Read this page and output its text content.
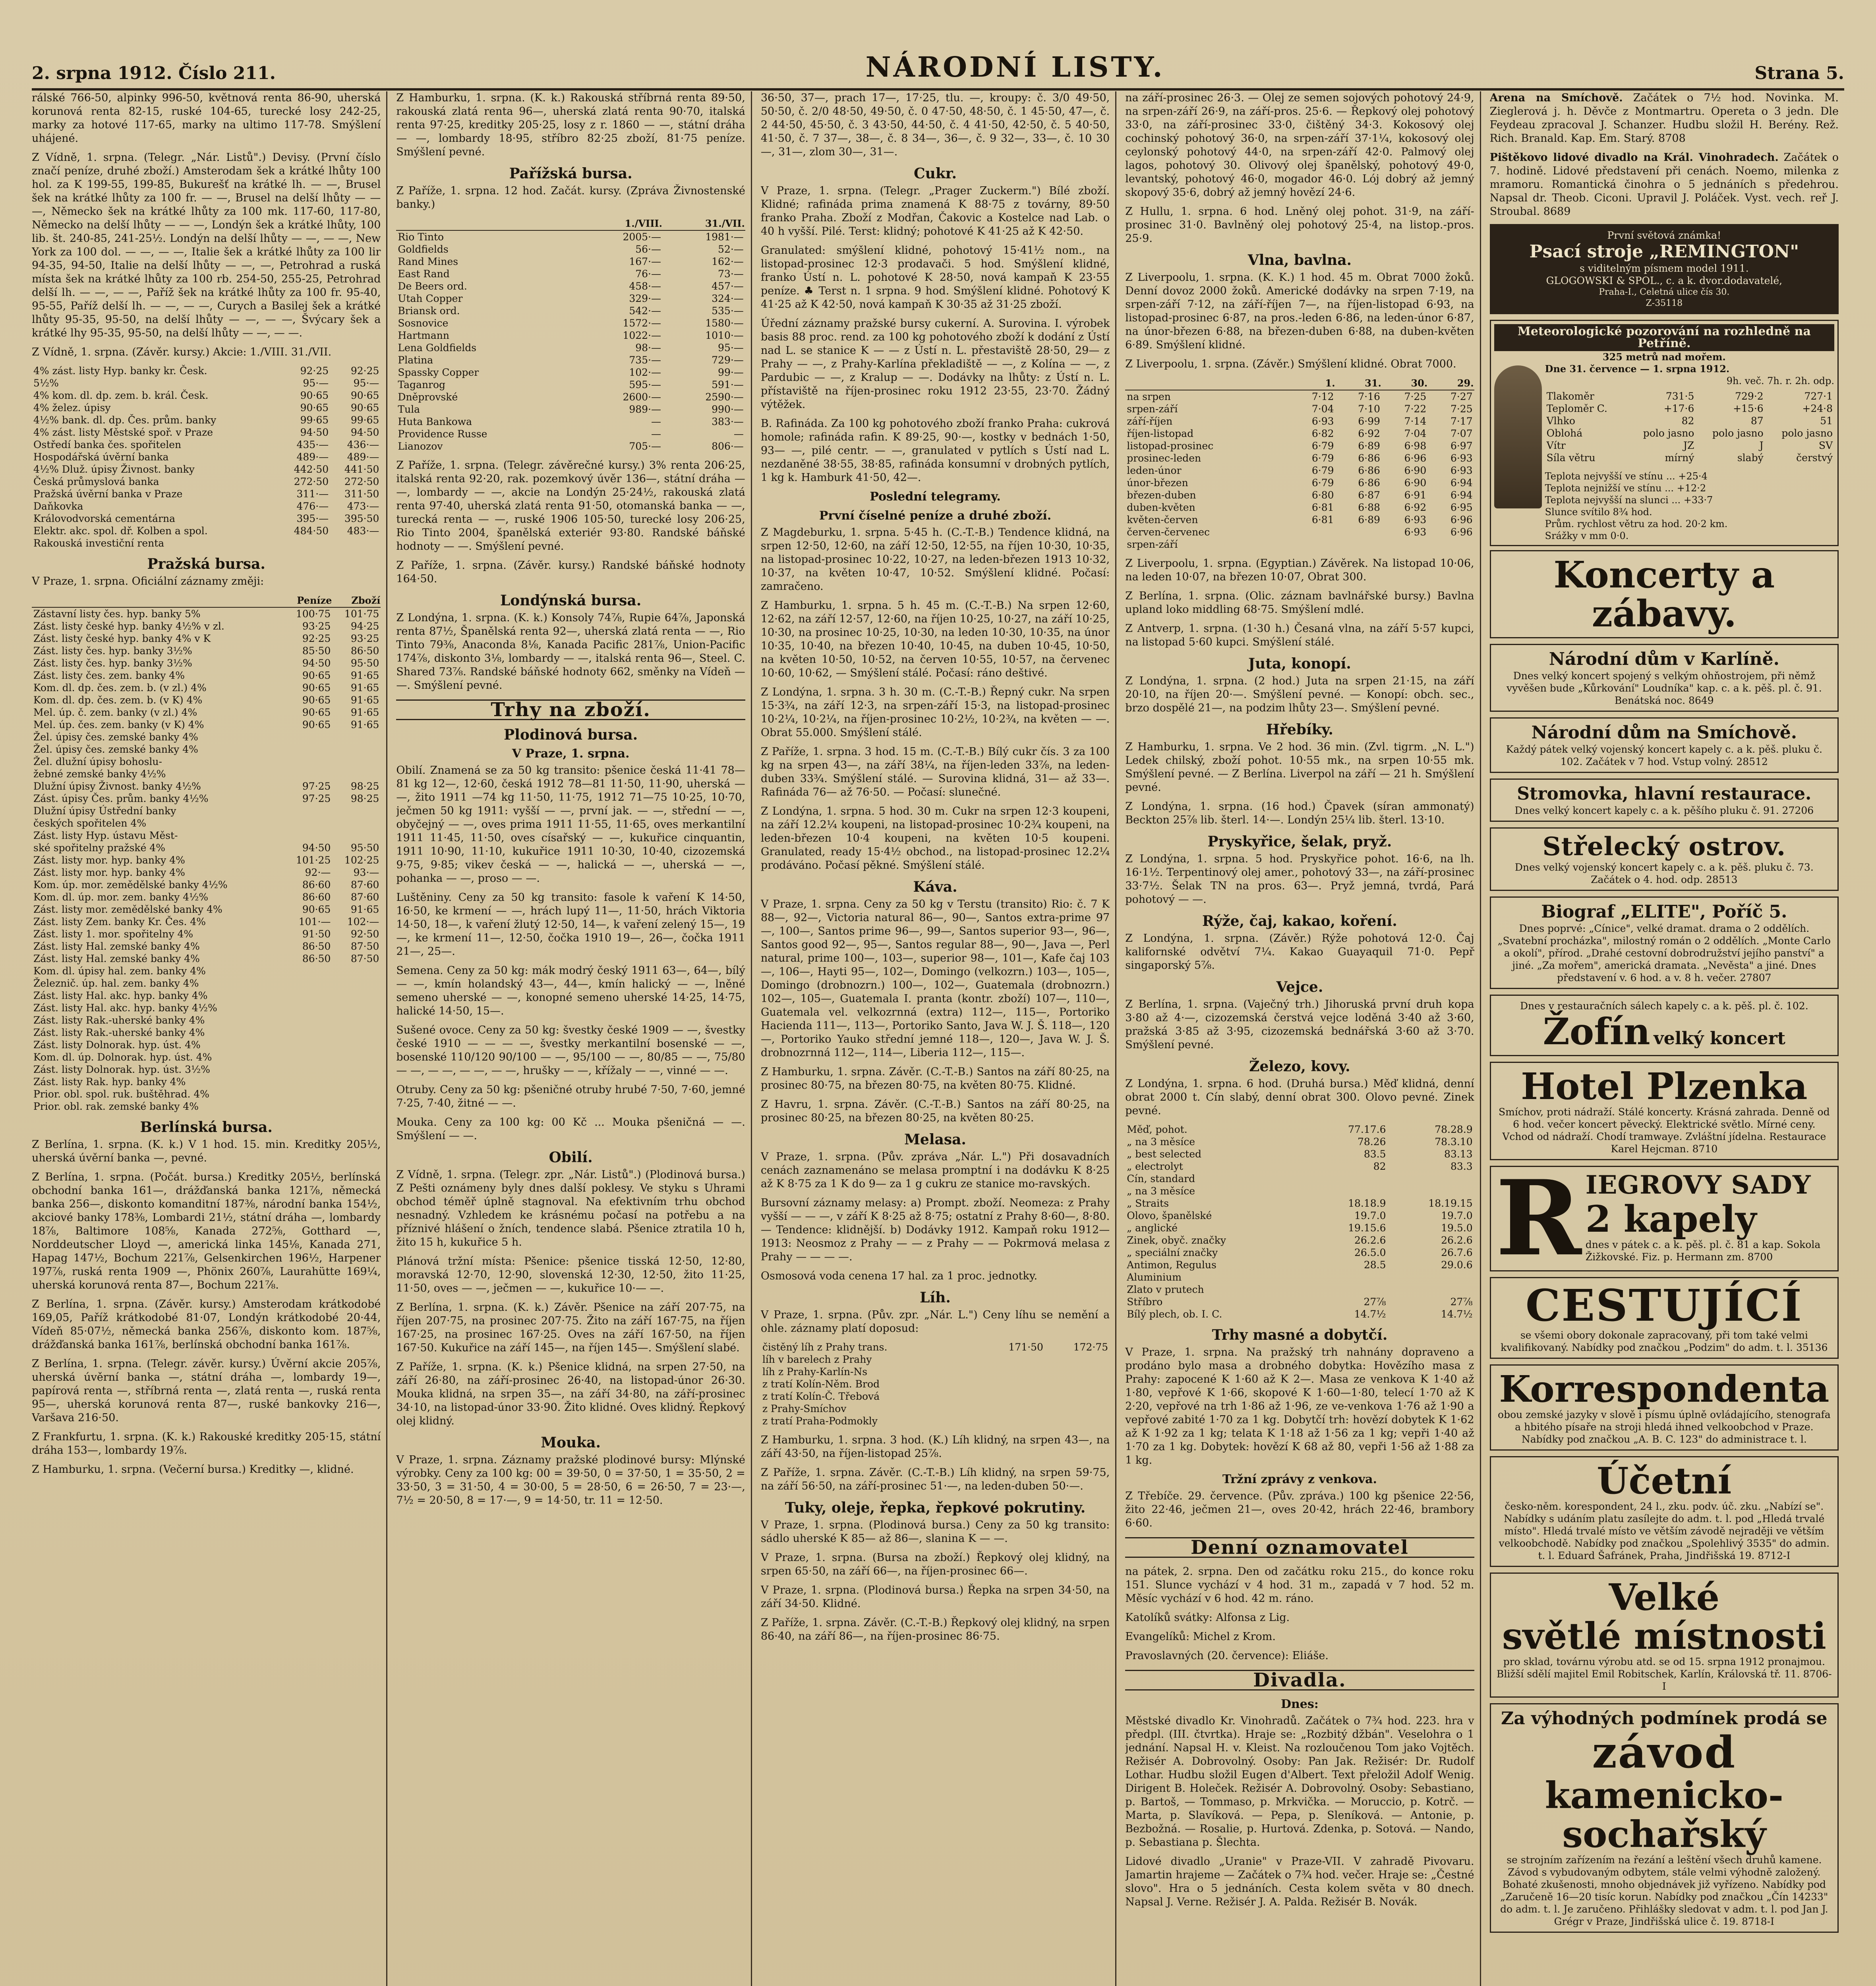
2. srpna 1912. Číslo 211.	NÁRODNÍ LISTY.	Strana 5.

rálské 766-50, alpinky 996-50, květnová renta 86-90, uherská korunová renta 82-15, ruské 104-65, turecké losy 242-25, marky za hotové 117-65, marky na ultimo 117-78. Smýšlení uhájené.

Z Vídně, 1. srpna. (Telegr. „Nár. Listů".) Devisy. (První číslo značí peníze, druhé zboží.) Amsterodam šek a krátké lhůty 100 hol. za K 199-55, 199-85, Bukurešť na krátké lh. — —, Brusel šek na krátké lhůty za 100 fr. — —, Brusel na delší lhůty — — —, Německo šek na krátké lhůty za 100 mk. 117-60, 117-80, Německo na delší lhůty — — —, Londýn šek a krátké lhůty, 100 lib. št. 240-85, 241-25½. Londýn na delší lhůty — —, — —, New York za 100 dol. — —, — —, Italie šek a krátké lhůty za 100 lir 94-35, 94-50, Italie na delší lhůty — —, —, Petrohrad a ruská místa šek na krátké lhůty za 100 rb. 254-50, 255-25, Petrohrad delší lh. — —, — —, Paříž šek na krátké lhůty za 100 fr. 95-40, 95-55, Paříž delší lh. — —, — —, Curych a Basilej šek a krátké lhůty 95-35, 95-50, na delší lhůty — —, — —, Švýcary šek a krátké lhy 95-35, 95-50, na delší lhůty — —, — —.

Z Vídně, 1. srpna. (Závěr. kursy.) Akcie: 1./VIII. 31./VII.

4% zást. listy Hyp. banky kr. Česk.	92·25	92·25
5½%	95·—	95·—
4% kom. dl. dp. zem. b. král. Česk.	90·65	90·65
4% želez. úpisy	90·65	90·65
4½% bank. dl. dp. Čes. prům. banky	99·65	99·65
4% zást. listy Městské spoř. v Praze	94·50	94·50
Ostředí banka čes. spořitelen	435·—	436·—
Hospodářská úvěrní banka	489·—	489·—
4½% Dluž. úpisy Živnost. banky	442·50	441·50
Česká průmyslová banka	272·50	272·50
Pražská úvěrní banka v Praze	311·—	311·50
Daňkovka	476·—	473·—
Královodvorská cementárna	395·—	395·50
Elektr. akc. spol. dř. Kolben a spol.	484·50	483·—
Rakouská investiční renta		
Pražská bursa.

V Praze, 1. srpna. Oficiální záznamy změji:

	Peníze	Zboží
Zástavní listy čes. hyp. banky 5%	100·75	101·75
Zást. listy české hyp. banky 4½% v zl.	93·25	94·25
Zást. listy české hyp. banky 4% v K	92·25	93·25
Zást. listy čes. hyp. banky 3½%	85·50	86·50
Zást. listy čes. hyp. banky 3½%	94·50	95·50
Zást. listy čes. zem. banky 4%	90·65	91·65
Kom. dl. dp. čes. zem. b. (v zl.) 4%	90·65	91·65
Kom. dl. dp. čes. zem. b. (v K) 4%	90·65	91·65
Mel. úp. č. zem. banky (v zl.) 4%	90·65	91·65
Mel. úp. čes. zem. banky (v K) 4%	90·65	91·65
Žel. úpisy čes. zemské banky 4%		
Žel. úpisy čes. zemské banky 4%		
Žel. dlužní úpisy bohoslu-		
žebné zemské banky 4½%		
Dlužní úpisy Živnost. banky 4½%	97·25	98·25
Zást. úpisy Čes. prům. banky 4½%	97·25	98·25
Dlužní úpisy Ústřední banky		
českých spořitelen 4%		
Zást. listy Hyp. ústavu Měst-		
ské spořitelny pražské 4%	94·50	95·50
Zást. listy mor. hyp. banky 4%	101·25	102·25
Zást. listy mor. hyp. banky 4%	92·—	93·—
Kom. úp. mor. zemědělské banky 4½%	86·60	87·60
Kom. dl. úp. mor. zem. banky 4½%	86·60	87·60
Zást. listy mor. zemědělské banky 4%	90·65	91·65
Zást. listy Zem. banky Kr. Čes. 4%	101·—	102·—
Zást. listy 1. mor. spořitelny 4%	91·50	92·50
Zást. listy Hal. zemské banky 4%	86·50	87·50
Zást. listy Hal. zemské banky 4%	86·50	87·50
Kom. dl. úpisy hal. zem. banky 4%		
Železnič. úp. hal. zem. banky 4%		
Zást. listy Hal. akc. hyp. banky 4%		
Zást. listy Hal. akc. hyp. banky 4½%		
Zást. listy Rak.-uherské banky 4%		
Zást. listy Rak.-uherské banky 4%		
Zást. listy Dolnorak. hyp. úst. 4%		
Kom. dl. úp. Dolnorak. hyp. úst. 4%		
Zást. listy Dolnorak. hyp. úst. 3½%		
Zást. listy Rak. hyp. banky 4%		
Prior. obl. spol. ruk. buštěhrad. 4%		
Prior. obl. rak. zemské banky 4%		
Berlínská bursa.

Z Berlína, 1. srpna. (K. k.) V 1 hod. 15. min. Kreditky 205½, uherská úvěrní banka —, pevné.

Z Berlína, 1. srpna. (Počát. bursa.) Kreditky 205½, berlínská obchodní banka 161—, drážďanská banka 121⅞, německá banka 256—, diskonto komanditní 187⅜, národní banka 154½, akciové banky 178⅜, Lombardi 21½, státní dráha —, lombardy 18⅞, Baltimore 108⅝, Kanada 272⅝, Gotthard —, Norddeutscher Lloyd —, americká linka 145⅛, Kanada 271, Hapag 147½, Bochum 221⅞, Gelsenkirchen 196½, Harpener 197⅞, ruská renta 1909 —, Phönix 260⅞, Laurahütte 169¼, uherská korunová renta 87—, Bochum 221⅞.

Z Berlína, 1. srpna. (Závěr. kursy.) Amsterodam krátkodobé 169,05, Paříž krátkodobé 81·07, Londýn krátkodobé 20·44, Vídeň 85·07½, německá banka 256⅞, diskonto kom. 187⅝, drážďanská banka 161⅞, berlínská obchodní banka 161⅞.

Z Berlína, 1. srpna. (Telegr. závěr. kursy.) Úvěrní akcie 205⅞, uherská úvěrní banka —, státní dráha —, lombardy 19—, papírová renta —, stříbrná renta —, zlatá renta —, ruská renta 95—, uherská korunová renta 87—, ruské bankovky 216—, Varšava 216·50.

Z Frankfurtu, 1. srpna. (K. k.) Rakouské kreditky 205·15, státní dráha 153—, lombardy 19⅞.

Z Hamburku, 1. srpna. (Večerní bursa.) Kreditky —, klidné.

Z Hamburku, 1. srpna. (K. k.) Rakouská stříbrná renta 89·50, rakouská zlatá renta 96—, uherská zlatá renta 90·70, italská renta 97·25, kreditky 205·25, losy z r. 1860 — —, státní dráha — —, lombardy 18·95, stříbro 82·25 zboží, 81·75 peníze. Smýšlení pevné.

Pařížská bursa.

Z Paříže, 1. srpna. 12 hod. Začát. kursy. (Zpráva Živnostenské banky.)

	1./VIII.	31./VII.
Rio Tinto	2005·—	1981·—
Goldfields	56·—	52·—
Rand Mines	167·—	162·—
East Rand	76·—	73·—
De Beers ord.	458·—	457·—
Utah Copper	329·—	324·—
Briansk ord.	542·—	535·—
Sosnovice	1572·—	1580·—
Hartmann	1022·—	1010·—
Lena Goldfields	98·—	95·—
Platina	735·—	729·—
Spassky Copper	102·—	99·—
Taganrog	595·—	591·—
Dněprovské	2600·—	2590·—
Tula	989·—	990·—
Huta Bankowa	—	383·—
Providence Russe	—	—
Lianozov	705·—	806·—

Z Paříže, 1. srpna. (Telegr. závěrečné kursy.) 3% renta 206·25, italská renta 92·20, rak. pozemkový úvěr 136—, státní dráha — —, lombardy — —, akcie na Londýn 25·24½, rakouská zlatá renta 97·40, uherská zlatá renta 91·50, otomanská banka — —, turecká renta — —, ruské 1906 105·50, turecké losy 206·25, Rio Tinto 2004, španělská exteriér 93·80. Randské báňské hodnoty — —. Smýšlení pevné.

Z Paříže, 1. srpna. (Závěr. kursy.) Randské báňské hodnoty 164·50.

Londýnská bursa.

Z Londýna, 1. srpna. (K. k.) Konsoly 74⅞, Rupie 64⅞, Japonská renta 87½, Španělská renta 92—, uherská zlatá renta — —, Rio Tinto 79⅜, Anaconda 8⅛, Kanada Pacific 281⅞, Union-Pacific 174⅞, diskonto 3⅛, lombardy — —, italská renta 96—, Steel. C. Shared 73⅞. Randské báňské hodnoty 662, směnky na Vídeň — —. Smýšlení pevné.

Trhy na zboží.
Plodinová bursa.
V Praze, 1. srpna.

Obilí. Znamená se za 50 kg transito: pšenice česká 11·41 78—81 kg 12—, 12·60, česká 1912 78—81 11·50, 11·90, uherská — —, žito 1911 —74 kg 11·50, 11·75, 1912 71—75 10·25, 10·70, ječmen 50 kg 1911: vyšší — —, první jak. — —, střední — —, obyčejný — —, oves prima 1911 11·55, 11·65, oves merkantilní 1911 11·45, 11·50, oves císařský — —, kukuřice cinquantin, 1911 10·90, 11·10, kukuřice 1911 10·30, 10·40, cizozemská 9·75, 9·85; vikev česká — —, halická — —, uherská — —, pohanka — —, proso — —.

Luštěniny. Ceny za 50 kg transito: fasole k vaření K 14·50, 16·50, ke krmení — —, hrách lupý 11—, 11·50, hrách Viktoria 14·50, 18—, k vaření žlutý 12·50, 14—, k vaření zelený 15—, 19—, ke krmení 11—, 12·50, čočka 1910 19—, 26—, čočka 1911 21—, 25—.

Semena. Ceny za 50 kg: mák modrý český 1911 63—, 64—, bílý — —, kmín holandský 43—, 44—, kmín halický — —, lněné semeno uherské — —, konopné semeno uherské 14·25, 14·75, halické 14·50, 15—.

Sušené ovoce. Ceny za 50 kg: švestky české 1909 — —, švestky české 1910 — — — —, švestky merkantilní bosenské — —, bosenské 110/120 90/100 — —, 95/100 — —, 80/85 — —, 75/80 — —, — —, — —, — —, hrušky — —, křížaly — —, vinné — —.

Otruby. Ceny za 50 kg: pšeničné otruby hrubé 7·50, 7·60, jemné 7·25, 7·40, žitné — —.

Mouka. Ceny za 100 kg: 00 Kč ... Mouka pšeničná — —. Smýšlení — —.

Obilí.

Z Vídně, 1. srpna. (Telegr. zpr. „Nár. Listů".) (Plodinová bursa.) Z Pešti oznámeny byly dnes další poklesy. Ve styku s Uhrami obchod téměř úplně stagnoval. Na efektivním trhu obchod nesnadný. Vzhledem ke krásnému počasí na potřebu a na příznivé hlášení o žních, tendence slabá. Pšenice ztratila 10 h, žito 15 h, kukuřice 5 h.

Plánová tržní místa: Pšenice: pšenice tisská 12·50, 12·80, moravská 12·70, 12·90, slovenská 12·30, 12·50, žito 11·25, 11·50, oves — —, ječmen — —, kukuřice 10·— —.

Z Berlína, 1. srpna. (K. k.) Závěr. Pšenice na září 207·75, na říjen 207·75, na prosinec 207·75. Žito na září 167·75, na říjen 167·25, na prosinec 167·25. Oves na září 167·50, na říjen 167·50. Kukuřice na září 145—, na říjen 145—. Smýšlení slabé.

Z Paříže, 1. srpna. (K. k.) Pšenice klidná, na srpen 27·50, na září 26·80, na září-prosinec 26·40, na listopad-únor 26·30. Mouka klidná, na srpen 35—, na září 34·80, na září-prosinec 34·10, na listopad-únor 33·90. Žito klidné. Oves klidný. Řepkový olej klidný.

Mouka.

V Praze, 1. srpna. Záznamy pražské plodinové bursy: Mlýnské výrobky. Ceny za 100 kg: 00 = 39·50, 0 = 37·50, 1 = 35·50, 2 = 33·50, 3 = 31·50, 4 = 30·00, 5 = 28·50, 6 = 26·50, 7 = 23·—, 7½ = 20·50, 8 = 17·—, 9 = 14·50, tr. 11 = 12·50.

36·50, 37—, prach 17—, 17·25, tlu. —, kroupy: č. 3/0 49·50, 50·50, č. 2/0 48·50, 49·50, č. 0 47·50, 48·50, č. 1 45·50, 47—, č. 2 44·50, 45·50, č. 3 43·50, 44·50, č. 4 41·50, 42·50, č. 5 40·50, 41·50, č. 7 37—, 38—, č. 8 34—, 36—, č. 9 32—, 33—, č. 10 30—, 31—, zlom 30—, 31—.

Cukr.

V Praze, 1. srpna. (Telegr. „Prager Zuckerm.") Bílé zboží. Klidné; rafináda prima znamená K 88·75 z továrny, 89·50 franko Praha. Zboží z Modřan, Čakovic a Kostelce nad Lab. o 40 h vyšší. Pilé. Terst: klidný; pohotové K 41·25 až K 42·50.

Granulated: smýšlení klidné, pohotový 15·41½ nom., na listopad-prosinec 12·3 prodavači. 5 hod. Smýšlení klidné, franko Ústí n. L. pohotové K 28·50, nová kampaň K 23·55 peníze. ♣ Terst n. 1 srpna. 9 hod. Smýšlení klidné. Pohotový K 41·25 až K 42·50, nová kampaň K 30·35 až 31·25 zboží.

Úřední záznamy pražské bursy cukerní. A. Surovina. I. výrobek basis 88 proc. rend. za 100 kg pohotového zboží k dodání z Ústí nad L. se stanice K — — z Ústí n. L. přestaviště 28·50, 29— z Prahy — —, z Prahy-Karlína překladiště — —, z Kolína — —, z Pardubic — —, z Kralup — —. Dodávky na lhůty: z Ústí n. L. přístaviště na říjen-prosinec roku 1912 23·55, 23·70. Žádný výtěžek.

B. Rafináda. Za 100 kg pohotového zboží franko Praha: cukrová homole; rafináda rafin. K 89·25, 90·—, kostky v bednách 1·50, 93— —, pilé centr. — —, granulated v pytlích s Ústí nad L. nezdaněné 38·55, 38·85, rafináda konsumní v drobných pytlích, 1 kg k. Hamburk 41·50, 42—.

Poslední telegramy.
První číselné peníze a druhé zboží.

Z Magdeburku, 1. srpna. 5·45 h. (C.-T.-B.) Tendence klidná, na srpen 12·50, 12·60, na září 12·50, 12·55, na říjen 10·30, 10·35, na listopad-prosinec 10·22, 10·27, na leden-březen 1913 10·32, 10·37, na květen 10·47, 10·52. Smýšlení klidné. Počasí: zamračeno.

Z Hamburku, 1. srpna. 5 h. 45 m. (C.-T.-B.) Na srpen 12·60, 12·62, na září 12·57, 12·60, na říjen 10·25, 10·27, na září 10·25, 10·30, na prosinec 10·25, 10·30, na leden 10·30, 10·35, na únor 10·35, 10·40, na březen 10·40, 10·45, na duben 10·45, 10·50, na květen 10·50, 10·52, na červen 10·55, 10·57, na červenec 10·60, 10·62, — Smýšlení stálé. Počasí: ráno deštivé.

Z Londýna, 1. srpna. 3 h. 30 m. (C.-T.-B.) Řepný cukr. Na srpen 15·3¾, na září 12·3, na srpen-září 15·3, na listopad-prosinec 10·2¼, 10·2¼, na říjen-prosinec 10·2½, 10·2¾, na květen — —. Obrat 55.000. Smýšlení stálé.

Z Paříže, 1. srpna. 3 hod. 15 m. (C.-T.-B.) Bílý cukr čís. 3 za 100 kg na srpen 43—, na září 38¼, na říjen-leden 33⅞, na leden-duben 33¾. Smýšlení stálé. — Surovina klidná, 31— až 33—. Rafináda 76— až 76·50. — Počasí: slunečné.

Z Londýna, 1. srpna. 5 hod. 30 m. Cukr na srpen 12·3 koupeni, na září 12.2¼ koupeni, na listopad-prosinec 10·2¾ koupeni, na leden-březen 10·4 koupeni, na květen 10·5 koupeni. Granulated, ready 15·4½ obchod., na listopad-prosinec 12.2¼ prodáváno. Počasí pěkné. Smýšlení stálé.

Káva.

V Praze, 1. srpna. Ceny za 50 kg v Terstu (transito) Rio: č. 7 K 88—, 92—, Victoria natural 86—, 90—, Santos extra-prime 97—, 100—, Santos prime 96—, 99—, Santos superior 93—, 96—, Santos good 92—, 95—, Santos regular 88—, 90—, Java —, Perl natural, prime 100—, 103—, superior 98—, 101—, Kafe čaj 103—, 106—, Hayti 95—, 102—, Domingo (velkozrn.) 103—, 105—, Domingo (drobnozrn.) 100—, 102—, Guatemala (drobnozrn.) 102—, 105—, Guatemala I. pranta (kontr. zboží) 107—, 110—, Guatemala vel. velkozrnná (extra) 112—, 115—, Portoriko Hacienda 111—, 113—, Portoriko Santo, Java W. J. Š. 118—, 120—, Portoriko Yauko střední jemné 118—, 120—, Java W. J. Š. drobnozrnná 112—, 114—, Liberia 112—, 115—.

Z Hamburku, 1. srpna. Závěr. (C.-T.-B.) Santos na září 80·25, na prosinec 80·75, na březen 80·75, na květen 80·75. Klidné.

Z Havru, 1. srpna. Závěr. (C.-T.-B.) Santos na září 80·25, na prosinec 80·25, na březen 80·25, na květen 80·25.

Melasa.

V Praze, 1. srpna. (Pův. zpráva „Nár. L.") Při dosavadních cenách zaznamenáno se melasa promptní i na dodávku K 8·25 až K 8·75 za 1 K do 9— za 1 g cukru ze stanice mo-ravských.

Bursovní záznamy melasy: a) Prompt. zboží. Neomeza: z Prahy vyšší — — —, v září K 8·25 až 8·75; ostatní z Prahy 8·60—, 8·80. — Tendence: klidnější. b) Dodávky 1912. Kampaň roku 1912—1913: Neosmoz z Prahy — — z Prahy — — Pokrmová melasa z Prahy — — — —.

Osmosová voda cenena 17 hal. za 1 proc. jednotky.

Líh.

V Praze, 1. srpna. (Pův. zpr. „Nár. L.") Ceny líhu se nemění a ohle. záznamy platí doposud:

čistěný líh z Prahy trans.	171·50	172·75
líh v barelech z Prahy		
líh z Prahy-Karlín-Ns		
z tratí Kolín-Něm. Brod		
z tratí Kolín-Č. Třebová		
z Prahy-Smíchov		
z tratí Praha-Podmokly		

Z Hamburku, 1. srpna. 3 hod. (K.) Líh klidný, na srpen 43—, na září 43·50, na říjen-listopad 25⅞.

Z Paříže, 1. srpna. Závěr. (C.-T.-B.) Líh klidný, na srpen 59·75, na září 56·50, na září-prosinec 51·—, na leden-duben 50·—.

Tuky, oleje, řepka, řepkové pokrutiny.

V Praze, 1. srpna. (Plodinová bursa.) Ceny za 50 kg transito: sádlo uherské K 85— až 86—, slanina K — —.

V Praze, 1. srpna. (Bursa na zboží.) Řepkový olej klidný, na srpen 65·50, na září 66—, na říjen-prosinec 66—.

V Praze, 1. srpna. (Plodinová bursa.) Řepka na srpen 34·50, na září 34·50. Klidné.

Z Paříže, 1. srpna. Závěr. (C.-T.-B.) Řepkový olej klidný, na srpen 86·40, na září 86—, na říjen-prosinec 86·75.

na září-prosinec 26·3. — Olej ze semen sojových pohotový 24·9, na srpen-září 26·9, na září-pros. 25·6. — Řepkový olej pohotový 33·0, na září-prosinec 33·0, čištěný 34·3. Kokosový olej cochinský pohotový 36·0, na srpen-září 37·1¼, kokosový olej ceylonský pohotový 44·0, na srpen-září 42·0. Palmový olej lagos, pohotový 30. Olivový olej španělský, pohotový 49·0, levantský, pohotový 46·0, mogador 46·0. Lój dobrý až jemný skopový 35·6, dobrý až jemný hovězí 24·6.

Z Hullu, 1. srpna. 6 hod. Lněný olej pohot. 31·9, na září-prosinec 31·0. Bavlněný olej pohotový 25·4, na listop.-pros. 25·9.

Vlna, bavlna.

Z Liverpoolu, 1. srpna. (K. K.) 1 hod. 45 m. Obrat 7000 žoků. Denní dovoz 2000 žoků. Americké dodávky na srpen 7·19, na srpen-září 7·12, na září-říjen 7—, na říjen-listopad 6·93, na listopad-prosinec 6·87, na pros.-leden 6·86, na leden-únor 6·87, na únor-březen 6·88, na březen-duben 6·88, na duben-květen 6·89. Smýšlení klidné.

Z Liverpoolu, 1. srpna. (Závěr.) Smýšlení klidné. Obrat 7000.

	1.	31.	30.	29.
na srpen	7·12	7·16	7·25	7·27
srpen-září	7·04	7·10	7·22	7·25
září-říjen	6·93	6·99	7·14	7·17
říjen-listopad	6·82	6·92	7·04	7·07
listopad-prosinec	6·79	6·89	6·98	6·97
prosinec-leden	6·79	6·86	6·96	6·93
leden-únor	6·79	6·86	6·90	6·93
únor-březen	6·79	6·86	6·90	6·94
březen-duben	6·80	6·87	6·91	6·94
duben-květen	6·81	6·88	6·92	6·95
květen-červen	6·81	6·89	6·93	6·96
červen-červenec			6·93	6·96
srpen-září				

Z Liverpoolu, 1. srpna. (Egyptian.) Závěrek. Na listopad 10·06, na leden 10·07, na březen 10·07, Obrat 300.

Z Berlína, 1. srpna. (Olic. záznam bavlnářské bursy.) Bavlna upland loko middling 68·75. Smýšlení mdlé.

Z Antverp, 1. srpna. (1·30 h.) Česaná vlna, na září 5·57 kupci, na listopad 5·60 kupci. Smýšlení stálé.

Juta, konopí.

Z Londýna, 1. srpna. (2 hod.) Juta na srpen 21·15, na září 20·10, na říjen 20·—. Smýšlení pevné. — Konopí: obch. sec., brzo dospělé 21—, na podzim lhůty 23—. Smýšlení pevné.

Hřebíky.

Z Hamburku, 1. srpna. Ve 2 hod. 36 min. (Zvl. tigrm. „N. L.") Ledek chilský, zboží pohot. 10·55 mk., na srpen 10·55 mk. Smýšlení pevné. — Z Berlína. Liverpol na září — 21 h. Smýšlení pevné.

Z Londýna, 1. srpna. (16 hod.) Čpavek (síran ammonatý) Beckton 25⅞ lib. šterl. 14·—. Londýn 25¼ lib. šterl. 13·10.

Pryskyřice, šelak, pryž.

Z Londýna, 1. srpna. 5 hod. Pryskyřice pohot. 16·6, na lh. 16·1½. Terpentinový olej amer., pohotový 33—, na září-prosinec 33·7½. Šelak TN na pros. 63—. Pryž jemná, tvrdá, Pará pohotový — —.

Rýže, čaj, kakao, koření.

Z Londýna, 1. srpna. (Závěr.) Rýže pohotová 12·0. Čaj kalifornské odvětví 7¼. Kakao Guayaquil 71·0. Pepř singaporský 5⅞.

Vejce.

Z Berlína, 1. srpna. (Vaječný trh.) Jihoruská první druh kopa 3·80 až 4·—, cizozemská čerstvá vejce loděná 3·40 až 3·60, pražská 3·85 až 3·95, cizozemská bednářská 3·60 až 3·70. Smýšlení pevné.

Železo, kovy.

Z Londýna, 1. srpna. 6 hod. (Druhá bursa.) Měď klidná, denní obrat 2000 t. Cín slabý, denní obrat 300. Olovo pevné. Zinek pevné.

Měď, pohot.	77.17.6	78.28.9
„ na 3 měsíce	78.26	78.3.10
„ best selected	83.5	83.13
„ electrolyt	82	83.3
Cín, standard		
„ na 3 měsíce		
„ Straits	18.18.9	18.19.15
Olovo, španělské	19.7.0	19.7.0
„ anglické	19.15.6	19.5.0
Zinek, obyč. značky	26.2.6	26.2.6
„ speciální značky	26.5.0	26.7.6
Antimon, Regulus	28.5	29.0.6
Aluminium		
Zlato v prutech		
Stříbro	27⅞	27⅞
Bílý plech, ob. I. C.	14.7½	14.7½
Trhy masné a dobytčí.

V Praze, 1. srpna. Na pražský trh nahnány dopraveno a prodáno bylo masa a drobného dobytka: Hovězího masa z Prahy: zapocené K 1·60 až K 2—. Masa ze venkova K 1·40 až 1·80, vepřové K 1·66, skopové K 1·60—1·80, telecí 1·70 až K 2·20, vepřové na trh 1·86 až 1·96, ze ve-venkova 1·76 až 1·90 a vepřové zabité 1·70 za 1 kg. Dobytčí trh: hovězí dobytek K 1·62 až K 1·92 za 1 kg; telata K 1·18 až 1·56 za 1 kg; vepři 1·40 až 1·70 za 1 kg. Dobytek: hovězí K 68 až 80, vepři 1·56 až 1·88 za 1 kg.

Tržní zprávy z venkova.

Z Třebíče. 29. července. (Pův. zpráva.) 100 kg pšenice 22·56, žito 22·46, ječmen 21—, oves 20·42, hrách 22·46, brambory 6·60.

Denní oznamovatel

na pátek, 2. srpna. Den od začátku roku 215., do konce roku 151. Slunce vychází v 4 hod. 31 m., zapadá v 7 hod. 52 m. Měsíc vychází v 6 hod. 42 m. ráno.

Katolíků svátky: Alfonsa z Lig.

Evangelíků: Michel z Krom.

Pravoslavných (20. července): Eliáše.

Divadla.
Dnes:

Městské divadlo Kr. Vinohradů. Začátek o 7¾ hod. 223. hra v předpl. (III. čtvrtka). Hraje se: „Rozbitý džbán". Veselohra o 1 jednání. Napsal H. v. Kleist. Na rozloučenou Tom jako Vojtěch. Režisér A. Dobrovolný. Osoby: Pan Jak. Režisér: Dr. Rudolf Lothar. Hudbu složil Eugen d'Albert. Text přeložil Adolf Wenig. Dirigent B. Holeček. Režisér A. Dobrovolný. Osoby: Sebastiano, p. Bartoš, — Tommaso, p. Mrkvička. — Moruccio, p. Kotrč. — Marta, p. Slavíková. — Pepa, p. Sleníková. — Antonie, p. Bezbožná. — Rosalie, p. Hurtová. Zdenka, p. Sotová. — Nando, p. Sebastiana p. Šlechta.

Lidové divadlo „Uranie" v Praze-VII. V zahradě Pivovaru. Jamartin hrajeme — Začátek o 7¾ hod. večer. Hraje se: „Čestné slovo". Hra o 5 jednáních. Cesta kolem světa v 80 dnech. Napsal J. Verne. Režisér J. A. Palda. Režisér B. Novák.

Arena na Smíchově. Začátek o 7½ hod. Novinka. M. Zieglerová j. h. Děvče z Montmartru. Opereta o 3 jedn. Dle Feydeau zpracoval J. Schanzer. Hudbu složil H. Berény. Rež. Rich. Branald. Kap. Em. Starý. 8708

Pištěkovo lidové divadlo na Král. Vinohradech. Začátek o 7. hodině. Lidové představení při cenách. Noemo, milenka z mramoru. Romantická činohra o 5 jednáních s předehrou. Napsal dr. Theob. Ciconi. Upravil J. Poláček. Vyst. vech. reř J. Stroubal. 8689

První světová známka!
Psací stroje „REMINGTON"
s viditelným písmem model 1911.
GLOGOWSKI & SPOL., c. a k. dvor.dodavatelé,
Praha-I., Celetná ulice čís 30.
Z-35118
Meteorologické pozorování na rozhledně na Petříně.
325 metrů nad mořem.
Dne 31. července — 1. srpna 1912.
9h. več. 7h. r. 2h. odp.
Tlakoměr	731·5	729·2	727·1
Teploměr C.	+17·6	+15·6	+24·8
Vlhko	82	87	51
Oblohá	polo jasno	polo jasno	polo jasno
Vítr	JZ	J	SV
Síla větru	mírný	slabý	čerstvý
Teplota nejvyšší ve stínu ... +25·4
Teplota nejnižší ve stínu ... +12·2
Teplota nejvyšší na slunci ... +33·7
Slunce svítilo 8¾ hod.
Prům. rychlost větru za hod. 20·2 km.
Srážky v mm 0·0.
Koncerty a zábavy.
Národní dům v Karlíně.
Dnes velký koncert spojený s velkým ohňostrojem, při němž vyvěšen bude „Kůrkování" Loudníka" kap. c. a k. pěš. pl. č. 91. Benátská noc. 8649
Národní dům na Smíchově.
Každý pátek velký vojenský koncert kapely c. a k. pěš. pluku č. 102. Začátek v 7 hod. Vstup volný. 28512
Stromovka, hlavní restaurace.
Dnes velký koncert kapely c. a k. pěšího pluku č. 91. 27206
Střelecký ostrov.
Dnes velký vojenský koncert kapely c. a k. pěš. pluku č. 73. Začátek o 4. hod. odp. 28513
Biograf „ELITE", Poříč 5.
Dnes poprvé: „Cínice", velké dramat. drama o 2 oddělích. „Svatební procházka", milostný román o 2 oddělích. „Monte Carlo a okolí", přírod. „Drahé cestovní dobrodružství jejího panství" a jiné. „Za mořem", americká dramata. „Nevěsta" a jiné. Dnes představení v. 6 hod. a v. 8 h. večer. 27807
Dnes v restauračních sálech kapely c. a k. pěš. pl. č. 102.
Žofín velký koncert
Hotel Plzenka
Smíchov, proti nádraží. Stálé koncerty. Krásná zahrada. Denně od 6 hod. večer koncert pěvecký. Elektrické světlo. Mírné ceny. Vchod od nádraží. Chodí tramwaye. Zvláštní jídelna. Restaurace Karel Hejcman. 8710
R IEGROVY SADY
2 kapely
dnes v pátek c. a k. pěš. pl. č. 81 a kap. Sokola Žižkovské. Fiz. p. Hermann zm. 8700
CESTUJÍCÍ
se všemi obory dokonale zapracovaný, při tom také velmi kvalifikovaný. Nabídky pod značkou „Podzim" do adm. t. l. 35136
Korrespondenta
obou zemské jazyky v slově i písmu úplně ovládajícího, stenografa a hbitého písaře na stroji hledá ihned velkoobchod v Praze. Nabídky pod značkou „A. B. C. 123" do administrace t. l.
Účetní
česko-něm. korespondent, 24 l., zku. podv. úč. zku. „Nabízí se". Nabídky s udáním platu zasílejte do adm. t. l. pod „Hledá trvalé místo". Hledá trvalé místo ve větším závodě nejraději ve větším velkoobchodě. Nabídky pod značkou „Spolehlivý 3535" do admin. t. l. Eduard Šafránek, Praha, Jindřišská 19. 8712-I
Velké
světlé místnosti
pro sklad, továrnu výrobu atd. se od 15. srpna 1912 pronajmou. Bližší sdělí majitel Emil Robitschek, Karlín, Královská tř. 11. 8706-I
Za výhodných podmínek prodá se
závod
kamenicko-sochařský
se strojním zařízením na řezání a leštění všech druhů kamene. Závod s vybudovaným odbytem, stále velmi výhodně založený. Bohaté zkušenosti, mnoho objednávek již vyřízeno. Nabídky pod „Zaručeně 16—20 tisíc korun. Nabídky pod značkou „Čín 14233" do adm. t. l. Je zaručeno. Přihlášky sledovat v adm. t. l. pod Jan J. Grégr v Praze, Jindřišská ulice č. 19. 8718-I
